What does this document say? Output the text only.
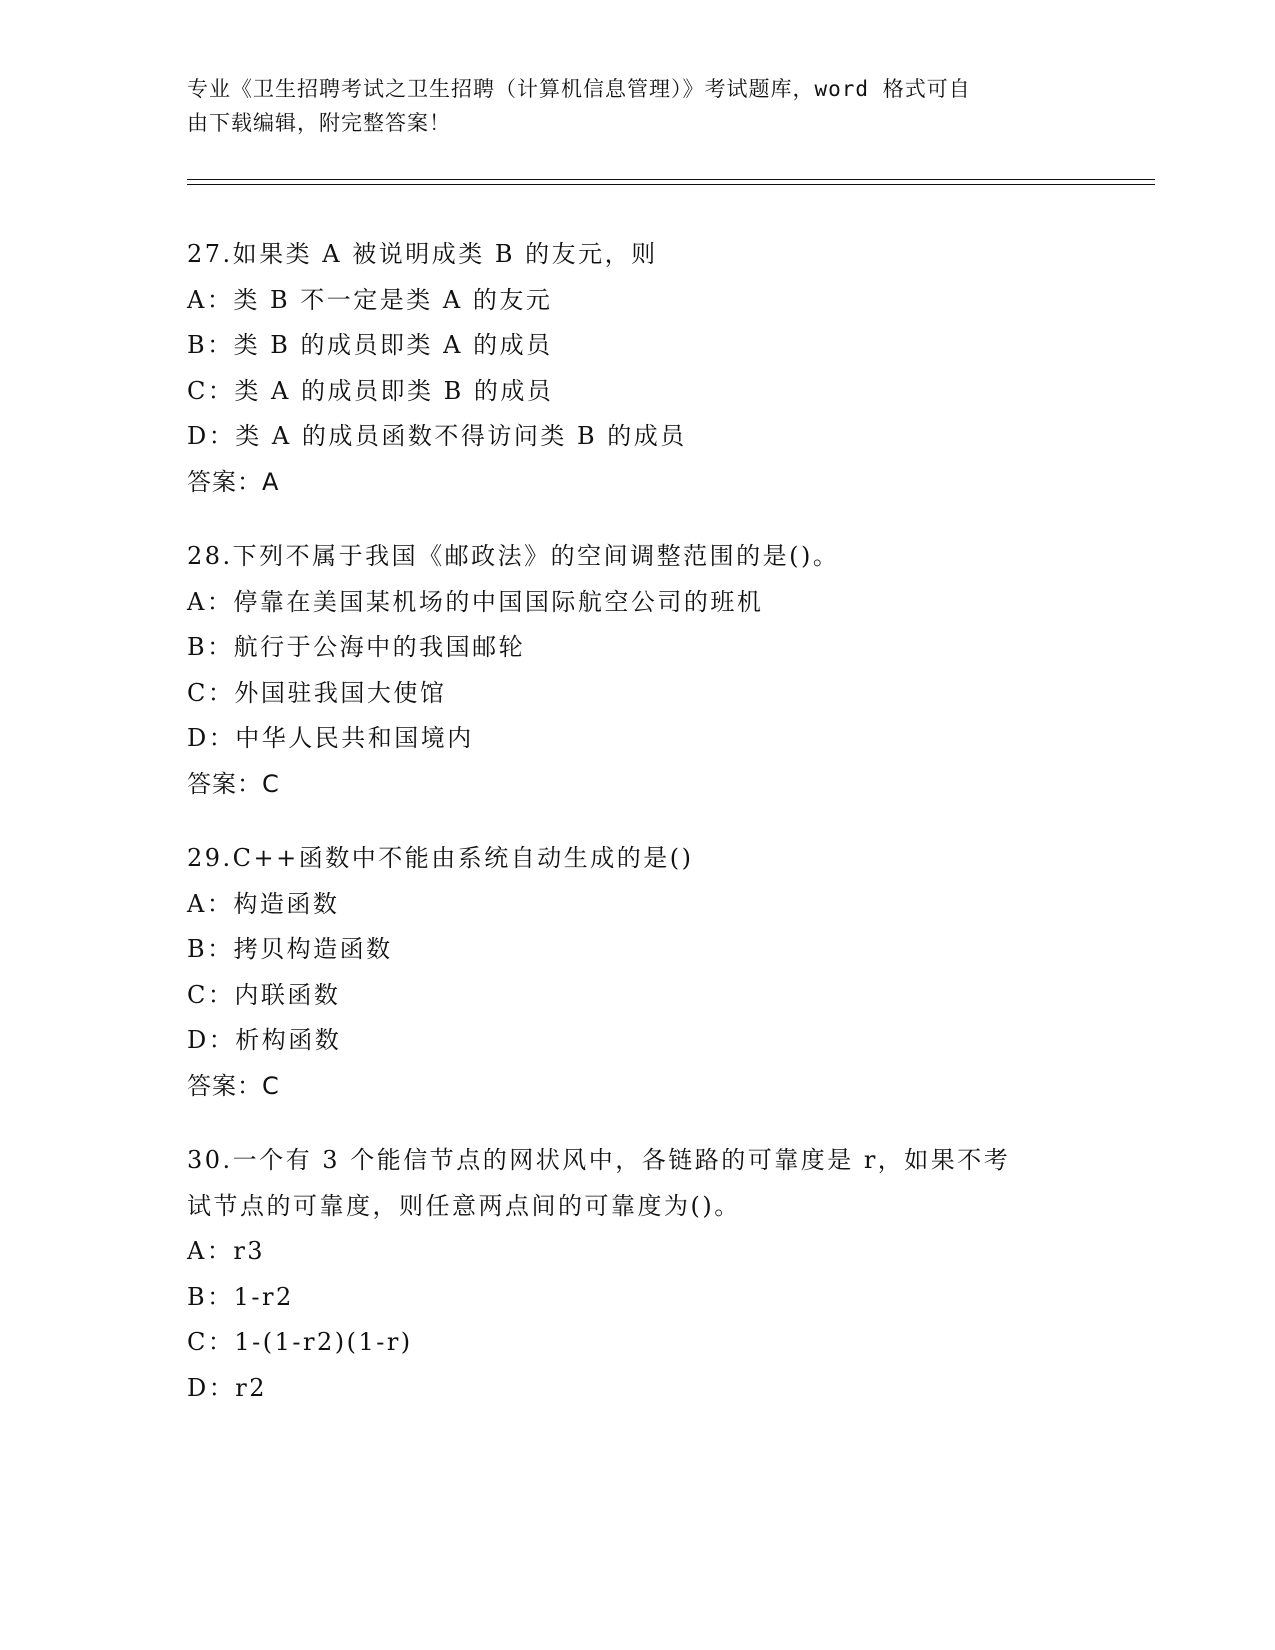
专业《卫生招聘考试之卫生招聘（计算机信息管理）》考试题库，word 格式可自
由下载编辑，附完整答案！
27.如果类 A 被说明成类 B 的友元，则
A：类 B 不一定是类 A 的友元
B：类 B 的成员即类 A 的成员
C：类 A 的成员即类 B 的成员
D：类 A 的成员函数不得访问类 B 的成员
答案：A
28.下列不属于我国《邮政法》的空间调整范围的是()。
A：停靠在美国某机场的中国国际航空公司的班机
B：航行于公海中的我国邮轮
C：外国驻我国大使馆
D：中华人民共和国境内
答案：C
29.C++函数中不能由系统自动生成的是()
A：构造函数
B：拷贝构造函数
C：内联函数
D：析构函数
答案：C
30.一个有 3 个能信节点的网状风中，各链路的可靠度是 r，如果不考
试节点的可靠度，则任意两点间的可靠度为()。
A：r3
B：1-r2
C：1-(1-r2)(1-r)
D：r2
